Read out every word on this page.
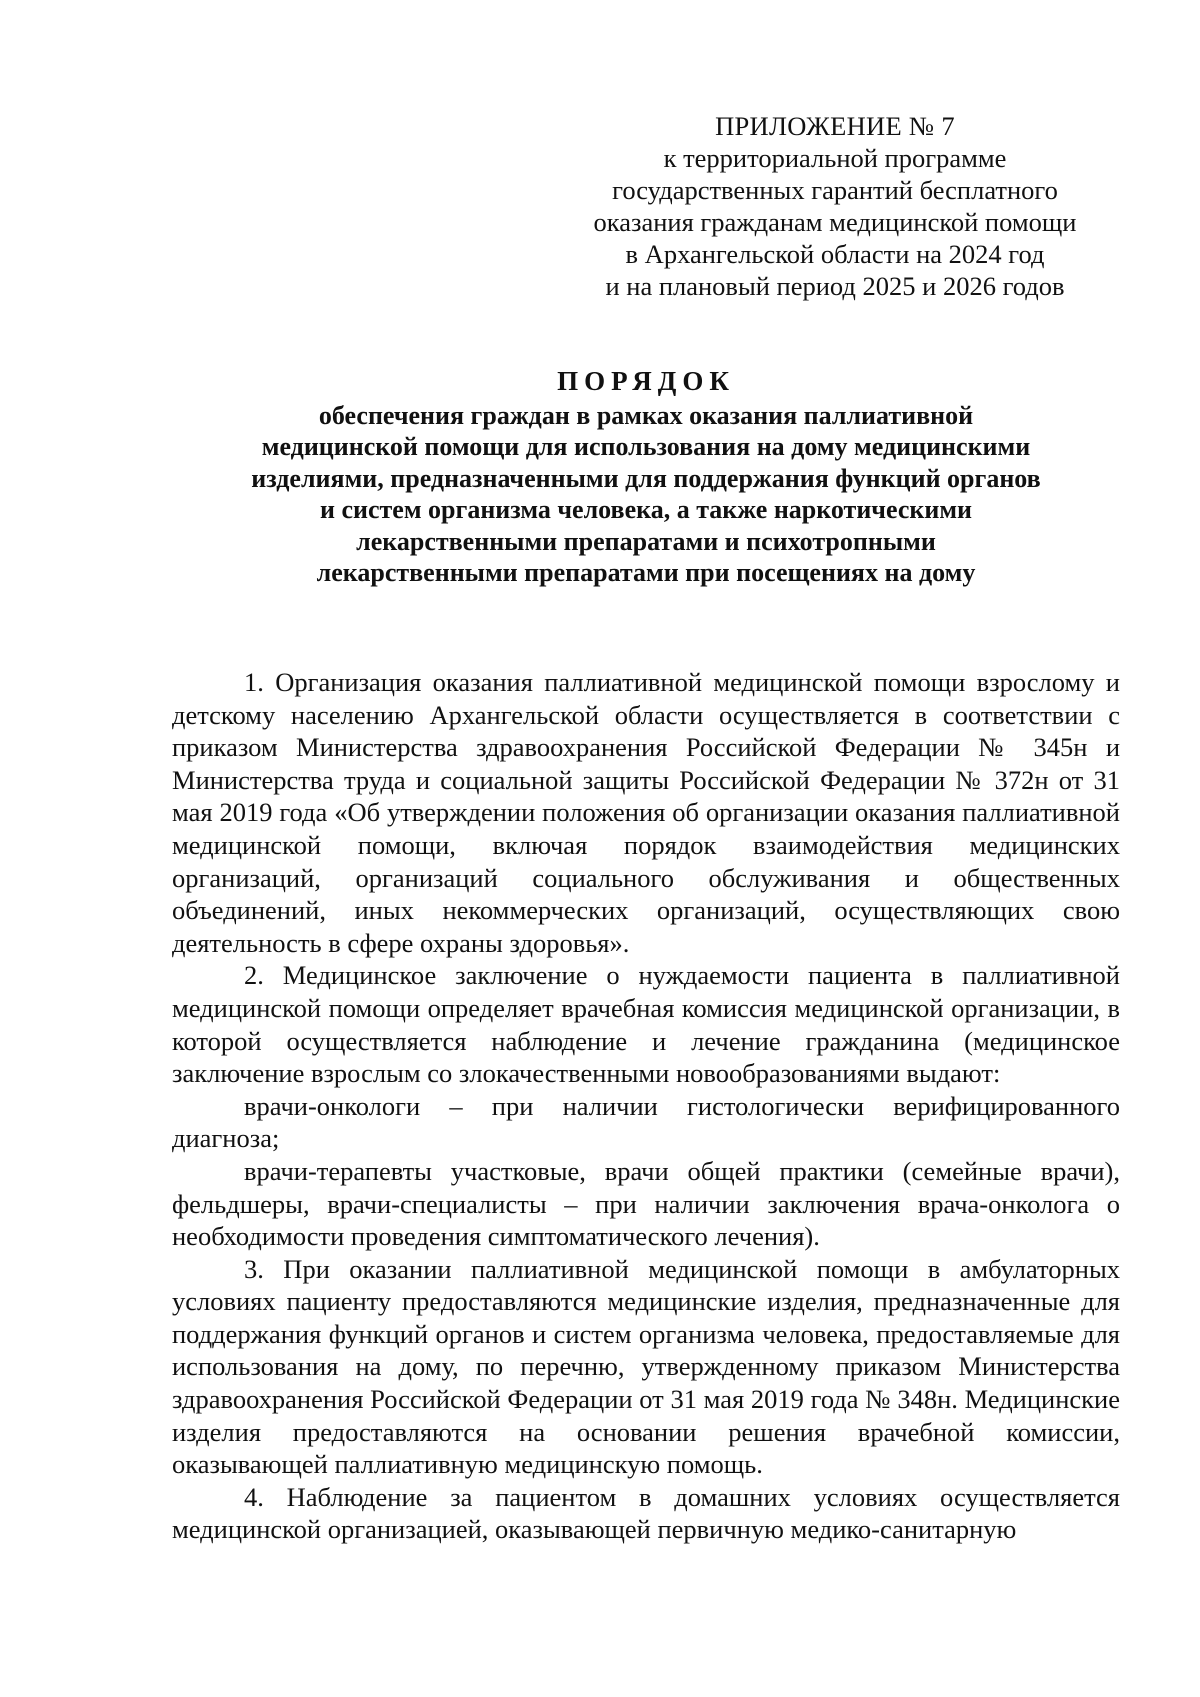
ПРИЛОЖЕНИЕ № 7
к территориальной программе
государственных гарантий бесплатного
оказания гражданам медицинской помощи
в Архангельской области на 2024 год
и на плановый период 2025 и 2026 годов
ПОРЯДОК
обеспечения граждан в рамках оказания паллиативной
медицинской помощи для использования на дому медицинскими
изделиями, предназначенными для поддержания функций органов
и систем организма человека, а также наркотическими
лекарственными препаратами и психотропными
лекарственными препаратами при посещениях на дому

1. Организация оказания паллиативной медицинской помощи взрослому и детскому населению Архангельской области осуществляется в соответствии с приказом Министерства здравоохранения Российской Федерации № 345н и Министерства труда и социальной защиты Российской Федерации № 372н от 31 мая 2019 года «Об утверждении положения об организации оказания паллиативной медицинской помощи, включая порядок взаимодействия медицинских организаций, организаций социального обслуживания и общественных объединений, иных некоммерческих организаций, осуществляющих свою деятельность в сфере охраны здоровья».

2. Медицинское заключение о нуждаемости пациента в паллиативной медицинской помощи определяет врачебная комиссия медицинской организации, в которой осуществляется наблюдение и лечение гражданина (медицинское заключение взрослым со злокачественными новообразованиями выдают:

врачи-онкологи – при наличии гистологически верифицированного диагноза;

врачи-терапевты участковые, врачи общей практики (семейные врачи), фельдшеры, врачи-специалисты – при наличии заключения врача-онколога о необходимости проведения симптоматического лечения).

3. При оказании паллиативной медицинской помощи в амбулаторных условиях пациенту предоставляются медицинские изделия, предназначенные для поддержания функций органов и систем организма человека, предоставляемые для использования на дому, по перечню, утвержденному приказом Министерства здравоохранения Российской Федерации от 31 мая 2019 года № 348н. Медицинские изделия предоставляются на основании решения врачебной комиссии, оказывающей паллиативную медицинскую помощь.

4. Наблюдение за пациентом в домашних условиях осуществляется медицинской организацией, оказывающей первичную медико-санитарную
